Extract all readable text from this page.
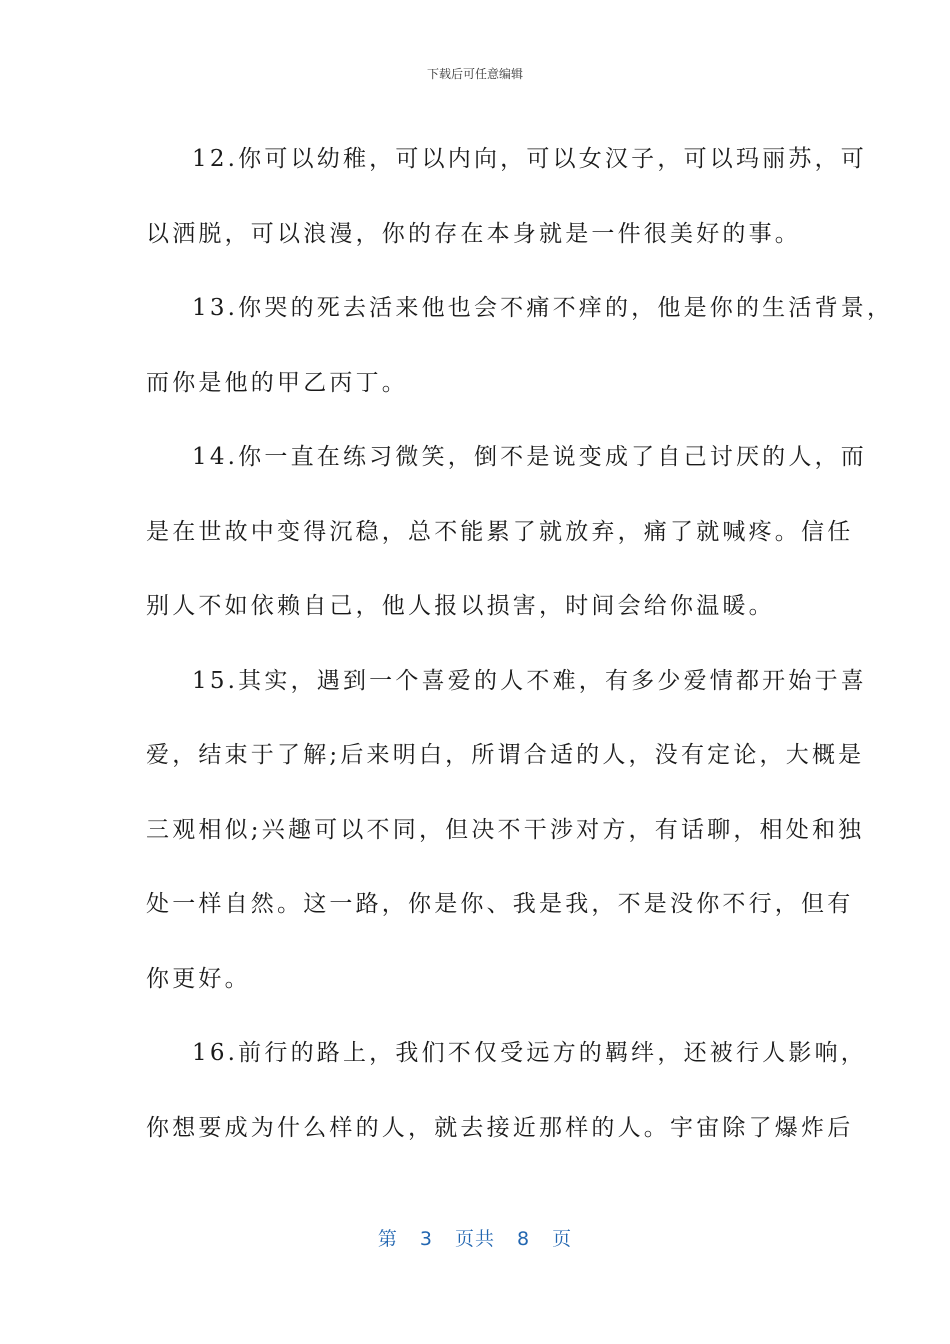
下载后可任意编辑

12.你可以幼稚，可以内向，可以女汉子，可以玛丽苏，可
以洒脱，可以浪漫，你的存在本身就是一件很美好的事。

13.你哭的死去活来他也会不痛不痒的，他是你的生活背景，
而你是他的甲乙丙丁。

14.你一直在练习微笑，倒不是说变成了自己讨厌的人，而
是在世故中变得沉稳，总不能累了就放弃，痛了就喊疼。信任
别人不如依赖自己，他人报以损害，时间会给你温暖。

15.其实，遇到一个喜爱的人不难，有多少爱情都开始于喜
爱，结束于了解;后来明白，所谓合适的人，没有定论，大概是
三观相似;兴趣可以不同，但决不干涉对方，有话聊，相处和独
处一样自然。这一路，你是你、我是我，不是没你不行，但有
你更好。

16.前行的路上，我们不仅受远方的羁绊，还被行人影响，
你想要成为什么样的人，就去接近那样的人。宇宙除了爆炸后

第 3 页共 8 页
